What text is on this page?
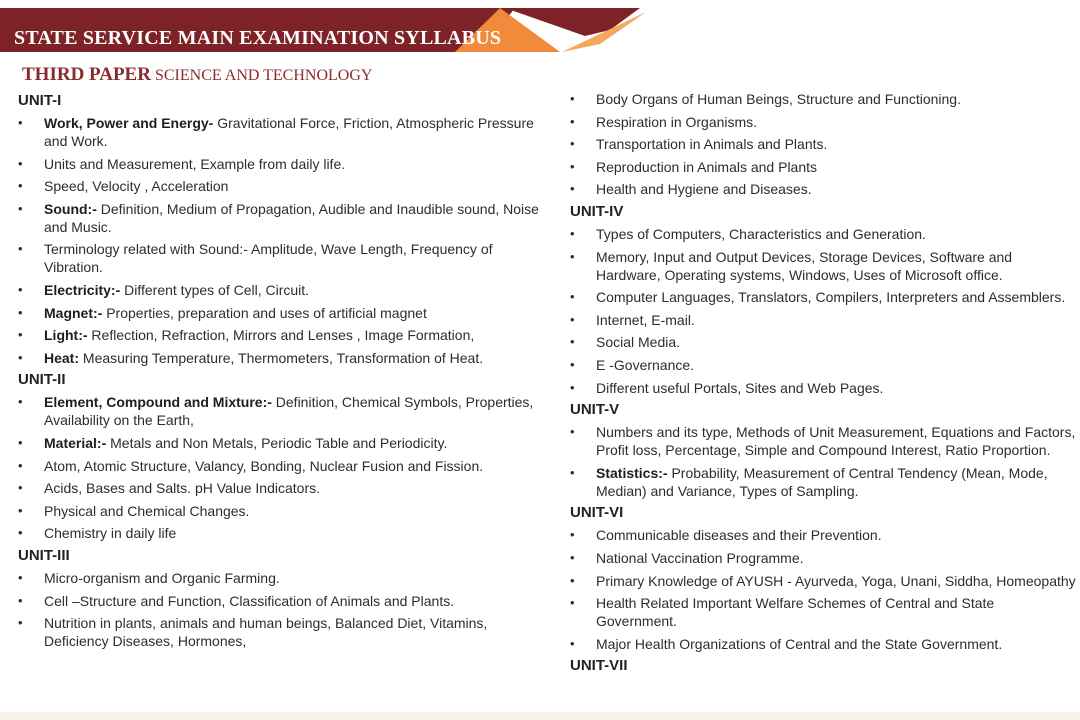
STATE SERVICE MAIN EXAMINATION SYLLABUS
THIRD PAPER SCIENCE AND TECHNOLOGY
UNIT-I
•	Work, Power and Energy- Gravitational Force, Friction, Atmospheric Pressure and Work.
•	Units and Measurement, Example from daily life.
•	Speed, Velocity , Acceleration
•	Sound:- Definition, Medium of Propagation, Audible and Inaudible sound, Noise and Music.
•	Terminology related with Sound:- Amplitude, Wave Length, Frequency of Vibration.
•	Electricity:- Different types of Cell, Circuit.
•	Magnet:- Properties, preparation and uses of artificial magnet
•	Light:- Reflection, Refraction, Mirrors and Lenses , Image Formation,
•	Heat: Measuring Temperature, Thermometers, Transformation of Heat.
UNIT-II
•	Element, Compound and Mixture:- Definition, Chemical Symbols, Properties, Availability on the Earth,
•	Material:- Metals and Non Metals, Periodic Table and Periodicity.
•	Atom, Atomic Structure, Valancy, Bonding, Nuclear Fusion and Fission.
•	Acids, Bases and Salts. pH Value Indicators.
•	Physical and Chemical Changes.
•	Chemistry in daily life
UNIT-III
•	Micro-organism and Organic Farming.
•	Cell –Structure and Function, Classification of Animals and Plants.
•	Nutrition in plants, animals and human beings, Balanced Diet, Vitamins, Deficiency Diseases, Hormones,
•	Body Organs of Human Beings, Structure and Functioning.
•	Respiration in Organisms.
•	Transportation in Animals and Plants.
•	Reproduction in Animals and Plants
•	Health and Hygiene and Diseases.
UNIT-IV
•	Types of Computers, Characteristics and Generation.
•	Memory, Input and Output Devices, Storage Devices, Software and Hardware, Operating systems, Windows, Uses of Microsoft office.
•	Computer Languages, Translators, Compilers, Interpreters and Assemblers.
•	Internet, E-mail.
•	Social Media.
•	E -Governance.
•	Different useful Portals, Sites and Web Pages.
UNIT-V
•	Numbers and its type, Methods of Unit Measurement, Equations and Factors, Profit loss, Percentage, Simple and Compound Interest, Ratio Proportion.
•	Statistics:- Probability, Measurement of Central Tendency (Mean, Mode, Median) and Variance, Types of Sampling.
UNIT-VI
•	Communicable diseases and their Prevention.
•	National Vaccination Programme.
•	Primary Knowledge of AYUSH - Ayurveda, Yoga, Unani, Siddha, Homeopathy
•	Health Related Important Welfare Schemes of Central and State Government.
•	Major Health Organizations of Central and the State Government.
UNIT-VII
